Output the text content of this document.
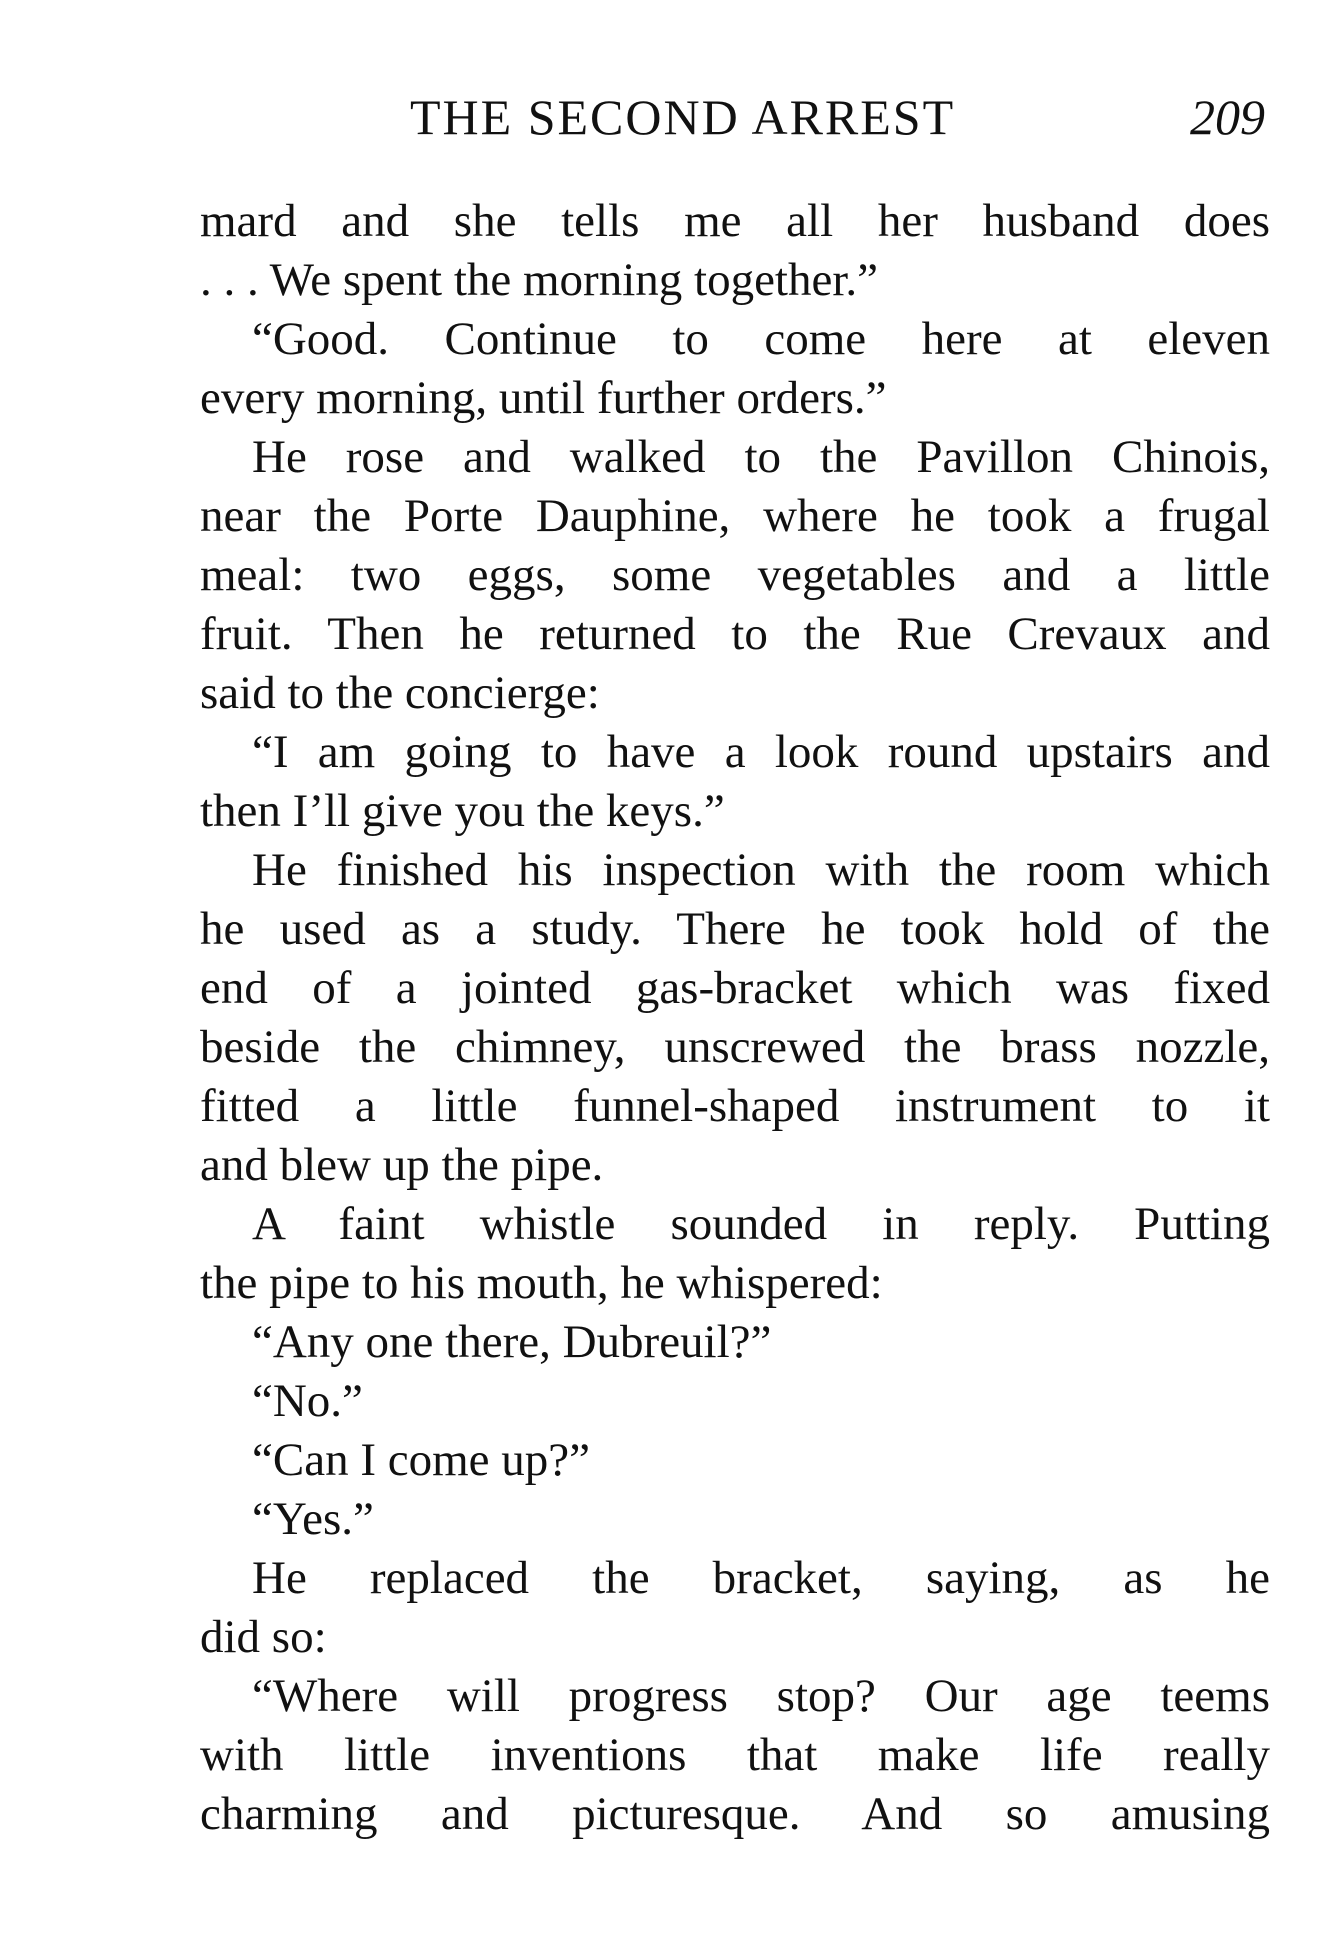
THE SECOND ARREST	209
mard and she tells me all her husband does
. . . We spent the morning together.”
“Good. Continue to come here at eleven
every morning, until further orders.”
He rose and walked to the Pavillon Chinois,
near the Porte Dauphine, where he took a frugal
meal: two eggs, some vegetables and a little
fruit. Then he returned to the Rue Crevaux and
said to the concierge:
“I am going to have a look round upstairs and
then I’ll give you the keys.”
He finished his inspection with the room which
he used as a study. There he took hold of the
end of a jointed gas-bracket which was fixed
beside the chimney, unscrewed the brass nozzle,
fitted a little funnel-shaped instrument to it
and blew up the pipe.
A faint whistle sounded in reply. Putting
the pipe to his mouth, he whispered:
“Any one there, Dubreuil?”
“No.”
“Can I come up?”
“Yes.”
He replaced the bracket, saying, as he
did so:
“Where will progress stop? Our age teems
with little inventions that make life really
charming and picturesque. And so amusing
